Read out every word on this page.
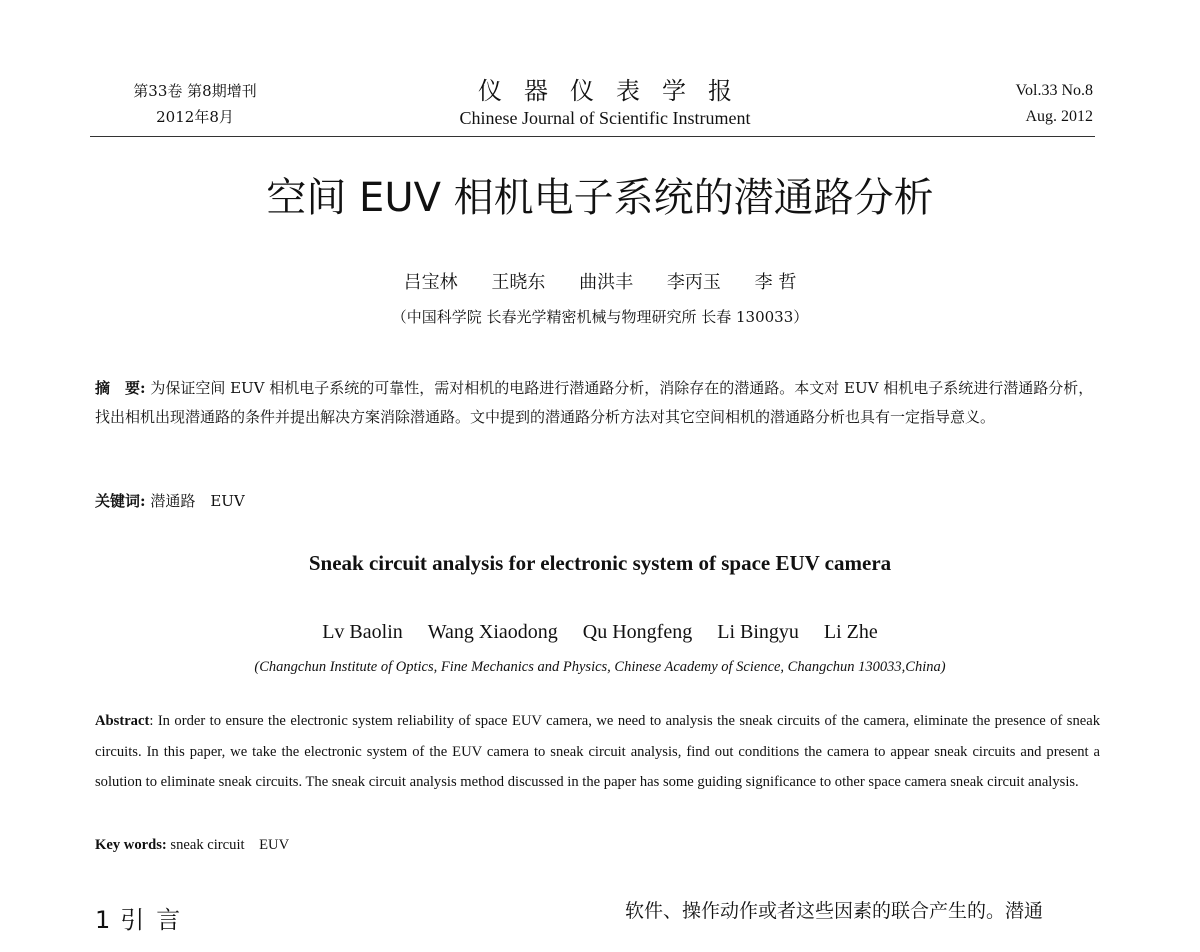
第33卷 第8期增刊
2012年8月
仪器仪表学报
Chinese Journal of Scientific Instrument
Vol.33 No.8
Aug. 2012
空间 EUV 相机电子系统的潜通路分析
吕宝林 王晓东 曲洪丰 李丙玉 李 哲
（中国科学院 长春光学精密机械与物理研究所 长春 130033）
摘　要: 为保证空间 EUV 相机电子系统的可靠性，需对相机的电路进行潜通路分析，消除存在的潜通路。本文对 EUV 相机电子系统进行潜通路分析，找出相机出现潜通路的条件并提出解决方案消除潜通路。文中提到的潜通路分析方法对其它空间相机的潜通路分析也具有一定指导意义。
关键词: 潜通路　EUV
Sneak circuit analysis for electronic system of space EUV camera
Lv Baolin Wang Xiaodong Qu Hongfeng Li Bingyu Li Zhe
(Changchun Institute of Optics, Fine Mechanics and Physics, Chinese Academy of Science, Changchun 130033,China)
Abstract: In order to ensure the electronic system reliability of space EUV camera, we need to analysis the sneak circuits of the camera, eliminate the presence of sneak circuits. In this paper, we take the electronic system of the EUV camera to sneak circuit analysis, find out conditions the camera to appear sneak circuits and present a solution to eliminate sneak circuits. The sneak circuit analysis method discussed in the paper has some guiding significance to other space camera sneak circuit analysis.
Key words: sneak circuit　EUV
1 引 言	软件、操作动作或者这些因素的联合产生的。潜通
